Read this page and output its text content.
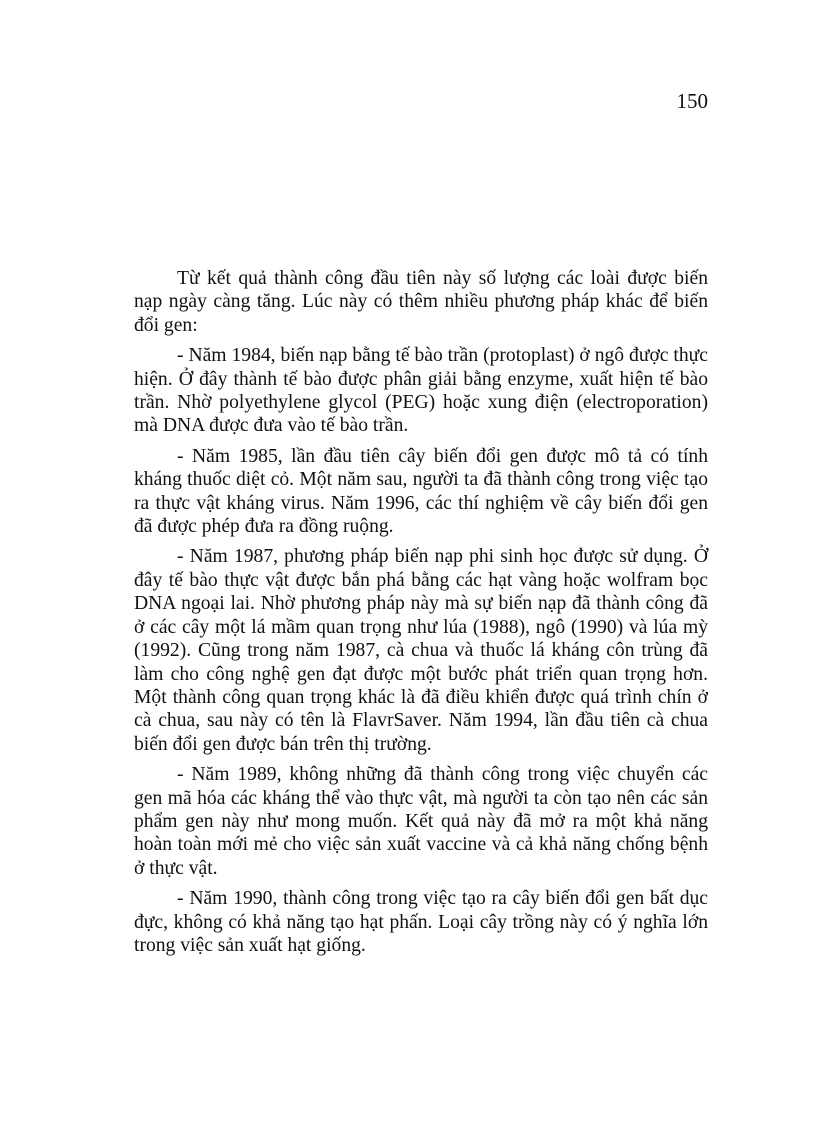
150

Từ kết quả thành công đầu tiên này số lượng các loài được biến nạp ngày càng tăng. Lúc này có thêm nhiều phương pháp khác để biến đổi gen:

- Năm 1984, biến nạp bằng tế bào trần (protoplast) ở ngô được thực hiện. Ở đây thành tế bào được phân giải bằng enzyme, xuất hiện tế bào trần. Nhờ polyethylene glycol (PEG) hoặc xung điện (electroporation) mà DNA được đưa vào tế bào trần.

- Năm 1985, lần đầu tiên cây biến đổi gen được mô tả có tính kháng thuốc diệt cỏ. Một năm sau, người ta đã thành công trong việc tạo ra thực vật kháng virus. Năm 1996, các thí nghiệm về cây biến đổi gen đã được phép đưa ra đồng ruộng.

- Năm 1987, phương pháp biến nạp phi sinh học được sử dụng. Ở đây tế bào thực vật được bắn phá bằng các hạt vàng hoặc wolfram bọc DNA ngoại lai. Nhờ phương pháp này mà sự biến nạp đã thành công đã ở các cây một lá mầm quan trọng như lúa (1988), ngô (1990) và lúa mỳ (1992). Cũng trong năm 1987, cà chua và thuốc lá kháng côn trùng đã làm cho công nghệ gen đạt được một bước phát triển quan trọng hơn. Một thành công quan trọng khác là đã điều khiển được quá trình chín ở cà chua, sau này có tên là FlavrSaver. Năm 1994, lần đầu tiên cà chua biến đổi gen được bán trên thị trường.

- Năm 1989, không những đã thành công trong việc chuyển các gen mã hóa các kháng thể vào thực vật, mà người ta còn tạo nên các sản phẩm gen này như mong muốn. Kết quả này đã mở ra một khả năng hoàn toàn mới mẻ cho việc sản xuất vaccine và cả khả năng chống bệnh ở thực vật.

- Năm 1990, thành công trong việc tạo ra cây biến đổi gen bất dục đực, không có khả năng tạo hạt phấn. Loại cây trồng này có ý nghĩa lớn trong việc sản xuất hạt giống.
